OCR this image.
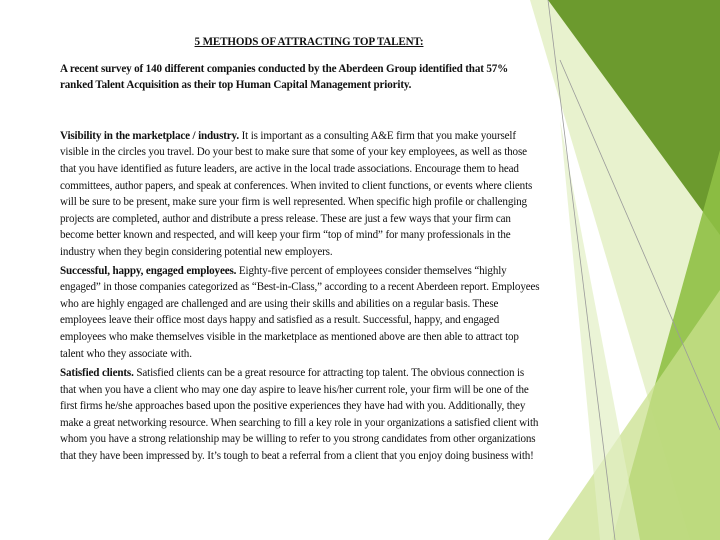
5 METHODS OF ATTRACTING TOP TALENT:

A recent survey of 140 different companies conducted by the Aberdeen Group identified that 57% ranked Talent Acquisition as their top Human Capital Management priority.

Visibility in the marketplace / industry. It is important as a consulting A&E firm that you make yourself visible in the circles you travel. Do your best to make sure that some of your key employees, as well as those that you have identified as future leaders, are active in the local trade associations. Encourage them to head committees, author papers, and speak at conferences. When invited to client functions, or events where clients will be sure to be present, make sure your firm is well represented. When specific high profile or challenging projects are completed, author and distribute a press release. These are just a few ways that your firm can become better known and respected, and will keep your firm “top of mind” for many professionals in the industry when they begin considering potential new employers.

Successful, happy, engaged employees. Eighty-five percent of employees consider themselves “highly engaged” in those companies categorized as “Best-in-Class,” according to a recent Aberdeen report. Employees who are highly engaged are challenged and are using their skills and abilities on a regular basis. These employees leave their office most days happy and satisfied as a result. Successful, happy, and engaged employees who make themselves visible in the marketplace as mentioned above are then able to attract top talent who they associate with.

Satisfied clients. Satisfied clients can be a great resource for attracting top talent. The obvious connection is that when you have a client who may one day aspire to leave his/her current role, your firm will be one of the first firms he/she approaches based upon the positive experiences they have had with you. Additionally, they make a great networking resource. When searching to fill a key role in your organizations a satisfied client with whom you have a strong relationship may be willing to refer to you strong candidates from other organizations that they have been impressed by. It’s tough to beat a referral from a client that you enjoy doing business with!
